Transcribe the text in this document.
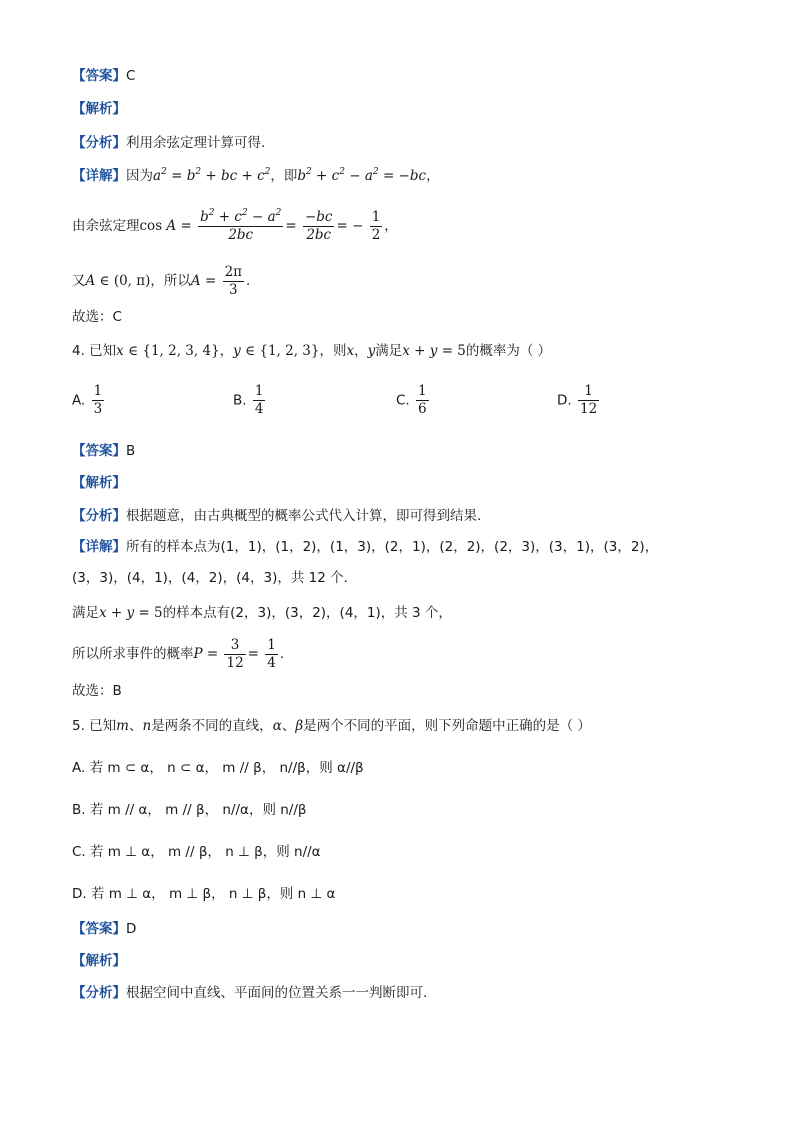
【答案】C
【解析】
【分析】利用余弦定理计算可得.
【详解】因为$a^2 = b^2$ + bc + $c^2$，即$b^2 + c^2 - a^2 = -bc$，
由余弦定理$\cos A = \frac{b^2 + c^2 - a^2}{2bc} = \frac{-bc}{2bc}$ = − $\frac{1}{2}$ ，
又A ∈ (0, π)，所以$A = \frac{2\pi}{3}$ .
故选：C
4. 已知x ∈ {1, 2, 3, 4}，y ∈ {1, 2, 3}，则x，y满足x + y = 5的概率为（ ）
A. $\frac{1}{3}$	B. $\frac{1}{4}$	C. $\frac{1}{6}$	D. $\frac{1}{12}$
【答案】B
【解析】
【分析】根据题意，由古典概型的概率公式代入计算，即可得到结果.
【详解】所有的样本点为(1，1)，(1，2)，(1，3)，(2，1)，(2，2)，(2，3)，(3，1)，(3，2)，
(3，3)，(4，1)，(4，2)，(4，3)，共 12 个．
满足x + y = 5的样本点有(2，3)，(3，2)，(4，1)，共 3 个，
所以所求事件的概率$P = \frac{3}{12} = \frac{1}{4}$ .
故选：B
5. 已知m、n是两条不同的直线，α、β是两个不同的平面，则下列命题中正确的是（ ）
A. 若 m ⊂ α， n ⊂ α， m // β， n//β，则 α//β
B. 若 m // α， m // β， n//α，则 n//β
C. 若 m ⊥ α， m // β， n ⊥ β，则 n//α
D. 若 m ⊥ α， m ⊥ β， n ⊥ β，则 n ⊥ α
【答案】D
【解析】
【分析】根据空间中直线、平面间的位置关系一一判断即可.
